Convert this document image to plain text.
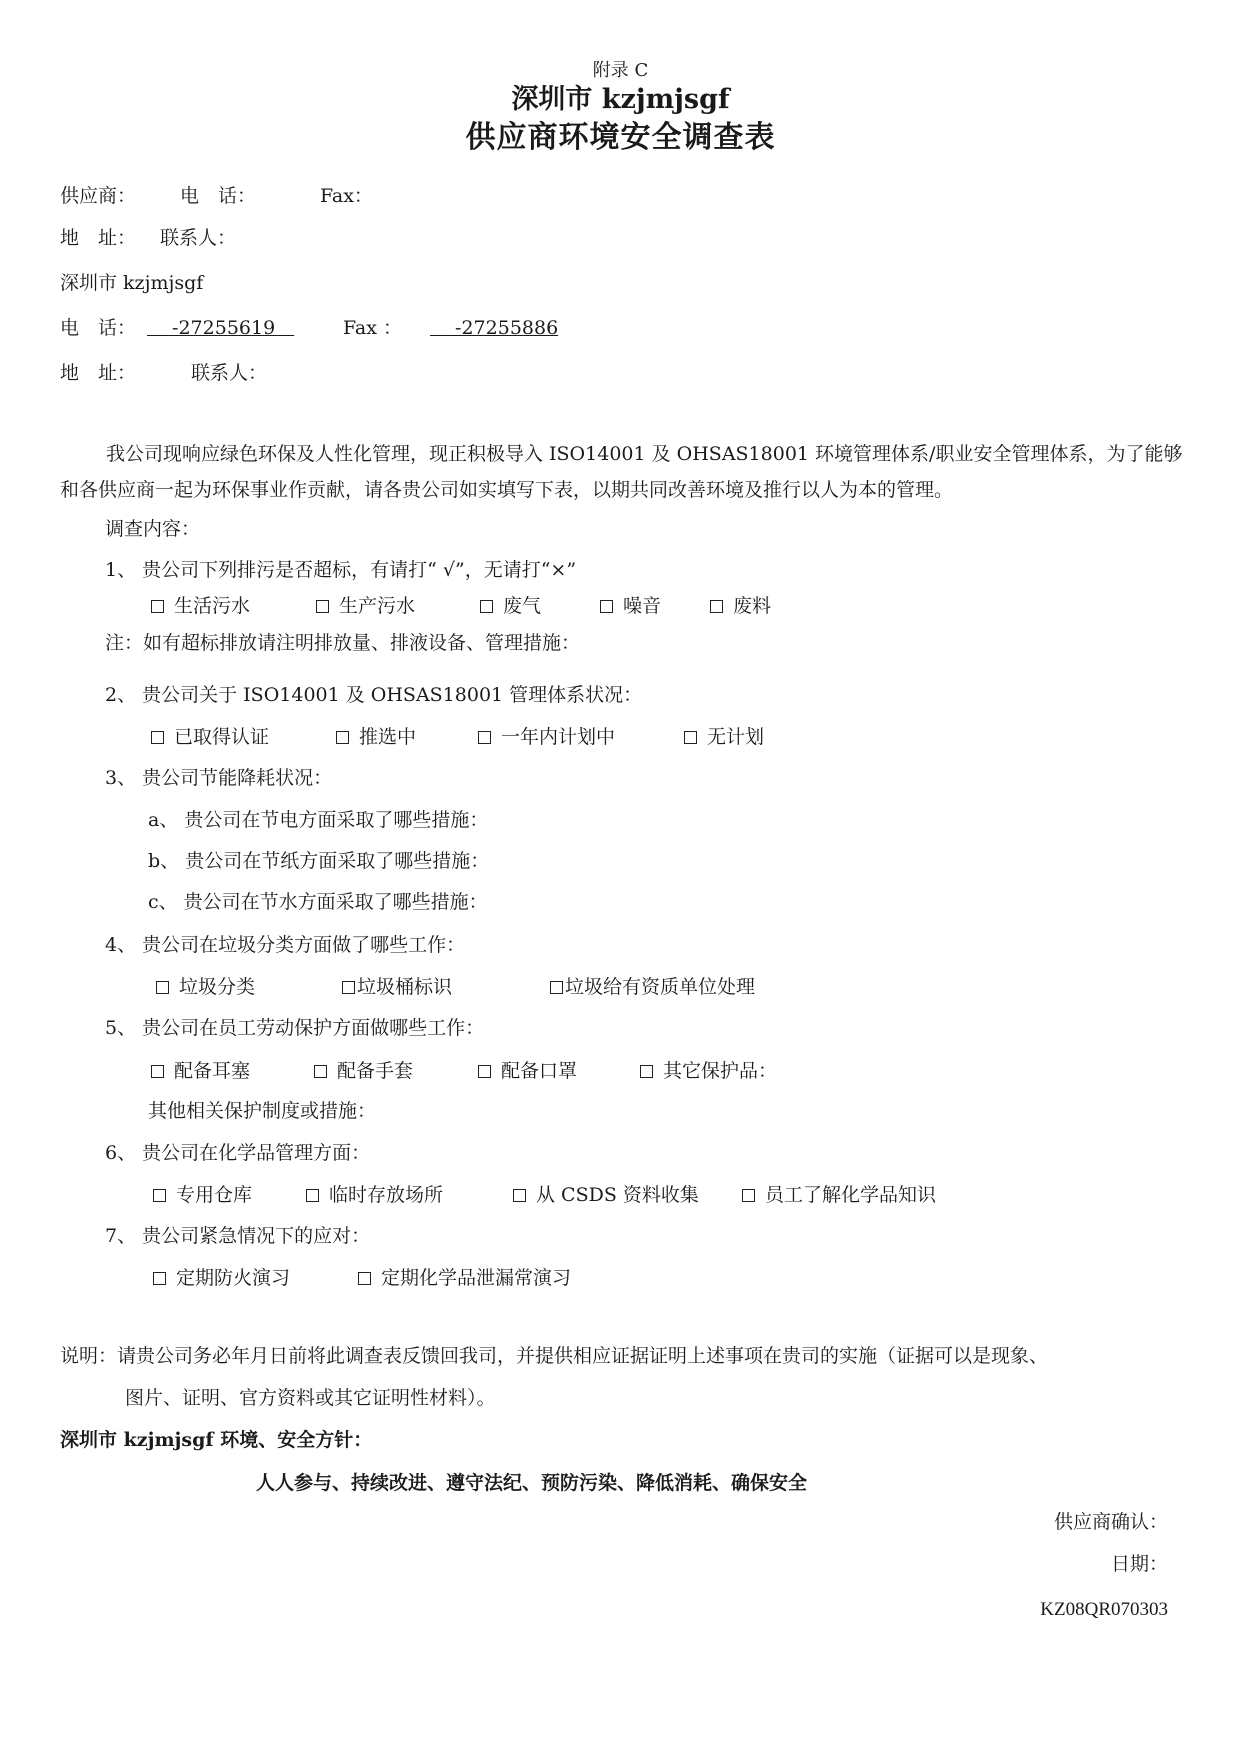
附录 C
深圳市 kzjmjsgf
供应商环境安全调查表
供应商： 电　话：	Fax：
地　址： 联系人：
深圳市 kzjmjsgf
电　话： 　 -27255619　	Fax ： 　 -27255886
地　址：	联系人：
我公司现响应绿色环保及人性化管理，现正积极导入 ISO14001 及 OHSAS18001 环境管理体系/职业安全管理体系，为了能够和各供应商一起为环保事业作贡献，请各贵公司如实填写下表，以期共同改善环境及推行以人为本的管理。
调查内容：
1、 贵公司下列排污是否超标，有请打“ √”，无请打“×”
生活污水	生产污水	废气	噪音	废料
注：如有超标排放请注明排放量、排液设备、管理措施：
2、 贵公司关于 ISO14001 及 OHSAS18001 管理体系状况：
已取得认证	推选中	一年内计划中	无计划
3、 贵公司节能降耗状况：
a、 贵公司在节电方面采取了哪些措施：
b、 贵公司在节纸方面采取了哪些措施：
c、 贵公司在节水方面采取了哪些措施：
4、 贵公司在垃圾分类方面做了哪些工作：
垃圾分类	垃圾桶标识	垃圾给有资质单位处理
5、 贵公司在员工劳动保护方面做哪些工作：
配备耳塞	配备手套	配备口罩	其它保护品：
其他相关保护制度或措施：
6、 贵公司在化学品管理方面：
专用仓库	临时存放场所	从 CSDS 资料收集	员工了解化学品知识
7、 贵公司紧急情况下的应对：
定期防火演习	定期化学品泄漏常演习
说明：请贵公司务必年月日前将此调查表反馈回我司，并提供相应证据证明上述事项在贵司的实施（证据可以是现象、
图片、证明、官方资料或其它证明性材料）。
深圳市 kzjmjsgf 环境、安全方针：
人人参与、持续改进、遵守法纪、预防污染、降低消耗、确保安全
供应商确认：
日期：
KZ08QR070303
